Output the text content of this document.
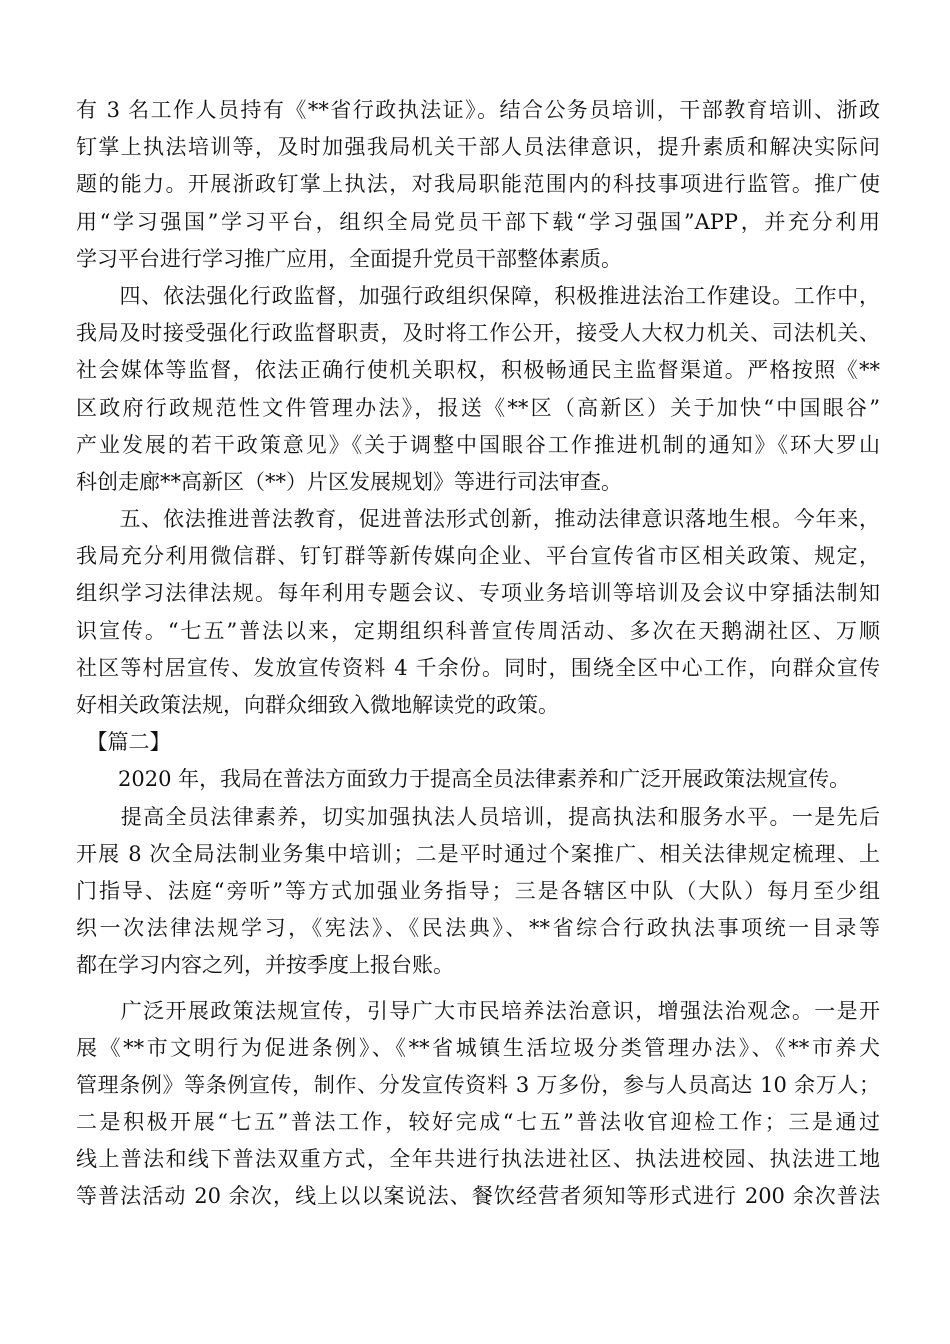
有 3 名工作人员持有《**省行政执法证》。结合公务员培训，干部教育培训、浙政
钉掌上执法培训等，及时加强我局机关干部人员法律意识，提升素质和解决实际问
题的能力。开展浙政钉掌上执法，对我局职能范围内的科技事项进行监管。推广使
用“学习强国”学习平台，组织全局党员干部下载“学习强国”APP，并充分利用
学习平台进行学习推广应用，全面提升党员干部整体素质。
　　四、依法强化行政监督，加强行政组织保障，积极推进法治工作建设。工作中，
我局及时接受强化行政监督职责，及时将工作公开，接受人大权力机关、司法机关、
社会媒体等监督，依法正确行使机关职权，积极畅通民主监督渠道。严格按照《**
区政府行政规范性文件管理办法》，报送《**区（高新区）关于加快“中国眼谷”
产业发展的若干政策意见》《关于调整中国眼谷工作推进机制的通知》《环大罗山
科创走廊**高新区（**）片区发展规划》等进行司法审查。
　　五、依法推进普法教育，促进普法形式创新，推动法律意识落地生根。今年来，
我局充分利用微信群、钉钉群等新传媒向企业、平台宣传省市区相关政策、规定，
组织学习法律法规。每年利用专题会议、专项业务培训等培训及会议中穿插法制知
识宣传。“七五”普法以来，定期组织科普宣传周活动、多次在天鹅湖社区、万顺
社区等村居宣传、发放宣传资料 4 千余份。同时，围绕全区中心工作，向群众宣传
好相关政策法规，向群众细致入微地解读党的政策。
　【篇二】
　　2020 年，我局在普法方面致力于提高全员法律素养和广泛开展政策法规宣传。
　　提高全员法律素养，切实加强执法人员培训，提高执法和服务水平。一是先后
开展 8 次全局法制业务集中培训；二是平时通过个案推广、相关法律规定梳理、上
门指导、法庭“旁听”等方式加强业务指导；三是各辖区中队（大队）每月至少组
织一次法律法规学习，《宪法》、《民法典》、**省综合行政执法事项统一目录等
都在学习内容之列，并按季度上报台账。
　　广泛开展政策法规宣传，引导广大市民培养法治意识，增强法治观念。一是开
展《**市文明行为促进条例》、《**省城镇生活垃圾分类管理办法》、《**市养犬
管理条例》等条例宣传，制作、分发宣传资料 3 万多份，参与人员高达 10 余万人；
二是积极开展“七五”普法工作，较好完成“七五”普法收官迎检工作；三是通过
线上普法和线下普法双重方式，全年共进行执法进社区、执法进校园、执法进工地
等普法活动 20 余次，线上以以案说法、餐饮经营者须知等形式进行 200 余次普法
